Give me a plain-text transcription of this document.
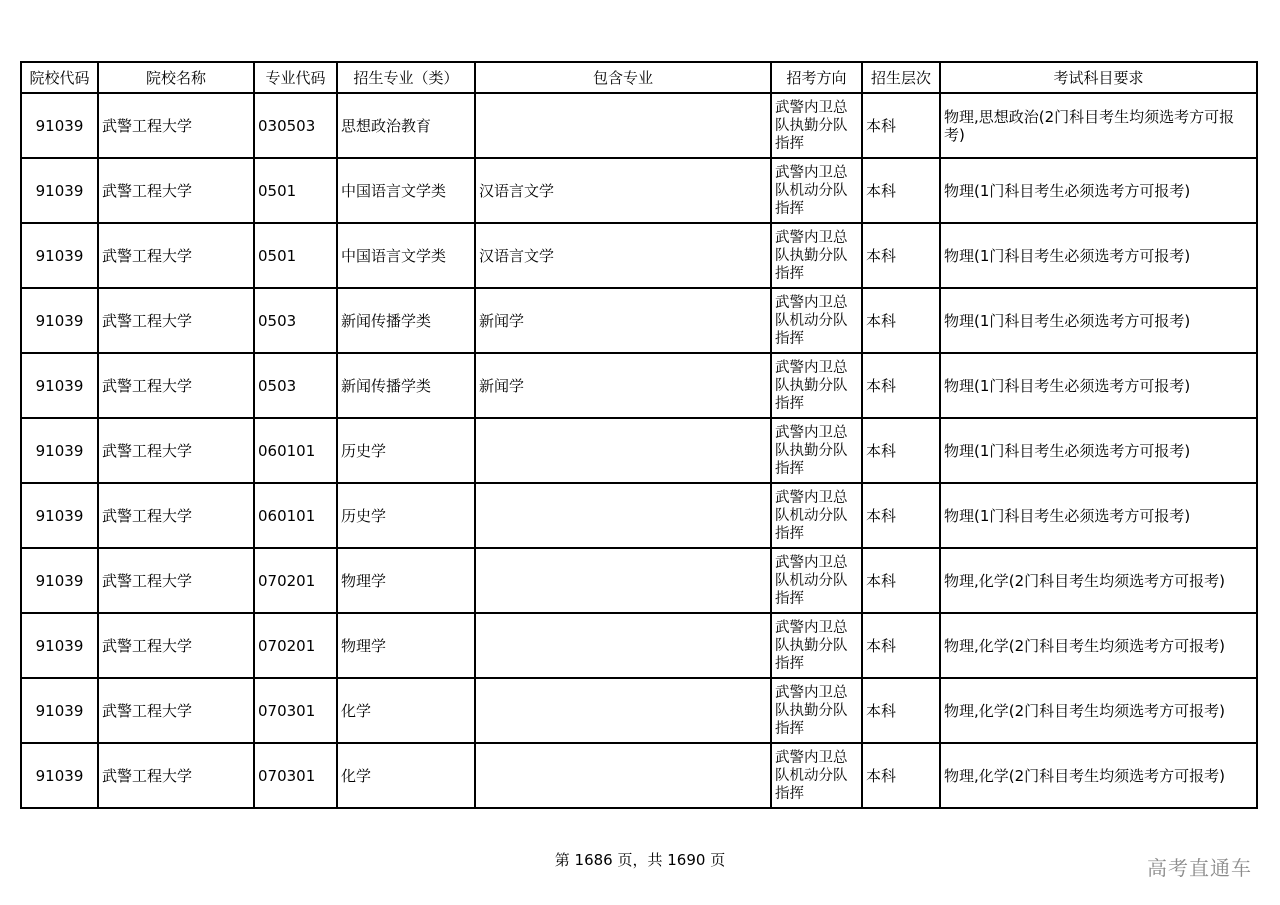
院校代码	院校名称	专业代码	招生专业（类）	包含专业	招考方向	招生层次	考试科目要求
91039	武警工程大学	030503	思想政治教育		武警内卫总队执勤分队指挥	本科	物理,思想政治(2门科目考生均须选考方可报考)
91039	武警工程大学	0501	中国语言文学类	汉语言文学	武警内卫总队机动分队指挥	本科	物理(1门科目考生必须选考方可报考)
91039	武警工程大学	0501	中国语言文学类	汉语言文学	武警内卫总队执勤分队指挥	本科	物理(1门科目考生必须选考方可报考)
91039	武警工程大学	0503	新闻传播学类	新闻学	武警内卫总队机动分队指挥	本科	物理(1门科目考生必须选考方可报考)
91039	武警工程大学	0503	新闻传播学类	新闻学	武警内卫总队执勤分队指挥	本科	物理(1门科目考生必须选考方可报考)
91039	武警工程大学	060101	历史学		武警内卫总队执勤分队指挥	本科	物理(1门科目考生必须选考方可报考)
91039	武警工程大学	060101	历史学		武警内卫总队机动分队指挥	本科	物理(1门科目考生必须选考方可报考)
91039	武警工程大学	070201	物理学		武警内卫总队机动分队指挥	本科	物理,化学(2门科目考生均须选考方可报考)
91039	武警工程大学	070201	物理学		武警内卫总队执勤分队指挥	本科	物理,化学(2门科目考生均须选考方可报考)
91039	武警工程大学	070301	化学		武警内卫总队执勤分队指挥	本科	物理,化学(2门科目考生均须选考方可报考)
91039	武警工程大学	070301	化学		武警内卫总队机动分队指挥	本科	物理,化学(2门科目考生均须选考方可报考)
第 1686 页，共 1690 页	高考直通车
